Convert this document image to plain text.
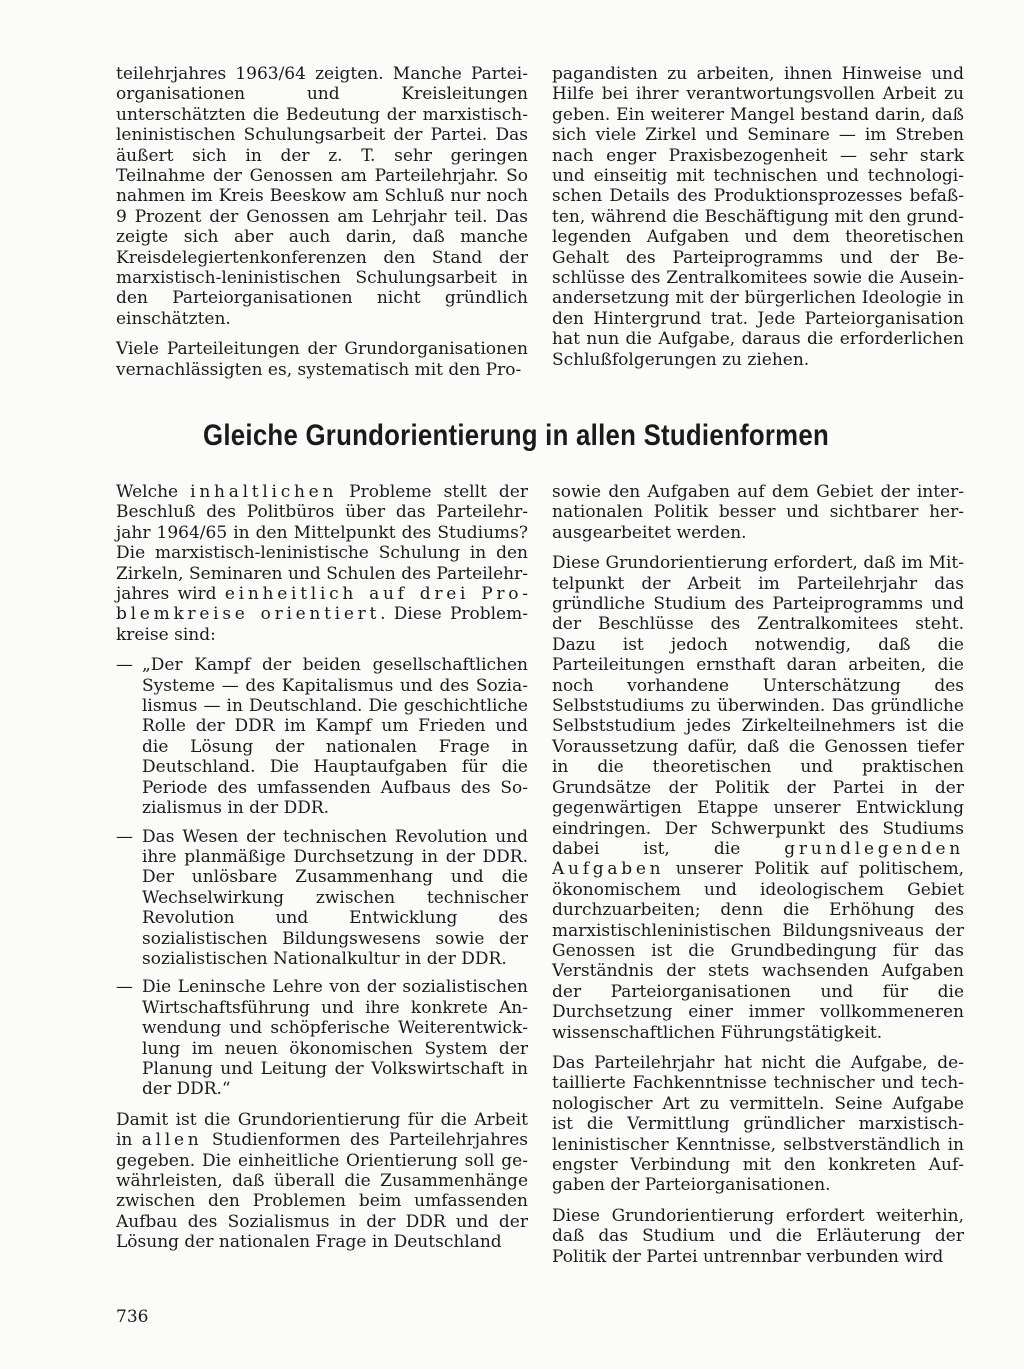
teilehrjahres 1963/64 zeigten. Manche Parteiorganisationen und Kreisleitungen unterschätzten die Bedeutung der marxistisch-leninistischen Schulungsarbeit der Partei. Das äußert sich in der z. T. sehr geringen Teilnahme der Genossen am Parteilehrjahr. So nahmen im Kreis Beeskow am Schluß nur noch 9 Prozent der Genossen am Lehrjahr teil. Das zeigte sich aber auch darin, daß manche Kreisdelegiertenkonferenzen den Stand der marxistisch-leninistischen Schulungsarbeit in den Parteiorganisationen nicht gründlich einschätzten.

Viele Parteileitungen der Grundorganisationen vernachlässigten es, systematisch mit den Pro-

pagandisten zu arbeiten, ihnen Hinweise und Hilfe bei ihrer verantwortungsvollen Arbeit zu geben. Ein weiterer Mangel bestand darin, daß sich viele Zirkel und Seminare — im Streben nach enger Praxisbezogenheit — sehr stark und einseitig mit technischen und technologischen Details des Produktionsprozesses befaßten, während die Beschäftigung mit den grundlegenden Aufgaben und dem theoretischen Gehalt des Parteiprogramms und der Beschlüsse des Zentralkomitees sowie die Auseinandersetzung mit der bürgerlichen Ideologie in den Hintergrund trat. Jede Parteiorganisation hat nun die Aufgabe, daraus die erforderlichen Schlußfolgerungen zu ziehen.

Gleiche Grundorientierung in allen Studienformen

Welche inhaltlichen Probleme stellt der Beschluß des Politbüros über das Parteilehrjahr 1964/65 in den Mittelpunkt des Studiums? Die marxistisch-leninistische Schulung in den Zirkeln, Seminaren und Schulen des Parteilehrjahres wird einheitlich auf drei Problemkreise orientiert. Diese Problemkreise sind:

— „Der Kampf der beiden gesellschaftlichen Systeme — des Kapitalismus und des Sozialismus — in Deutschland. Die geschichtliche Rolle der DDR im Kampf um Frieden und die Lösung der nationalen Frage in Deutschland. Die Hauptaufgaben für die Periode des umfassenden Aufbaus des Sozialismus in der DDR.
— Das Wesen der technischen Revolution und ihre planmäßige Durchsetzung in der DDR. Der unlösbare Zusammenhang und die Wechselwirkung zwischen technischer Revolution und Entwicklung des sozialistischen Bildungswesens sowie der sozialistischen Nationalkultur in der DDR.
— Die Leninsche Lehre von der sozialistischen Wirtschaftsführung und ihre konkrete Anwendung und schöpferische Weiterentwicklung im neuen ökonomischen System der Planung und Leitung der Volkswirtschaft in der DDR.“

Damit ist die Grundorientierung für die Arbeit in allen Studienformen des Parteilehrjahres gegeben. Die einheitliche Orientierung soll gewährleisten, daß überall die Zusammenhänge zwischen den Problemen beim umfassenden Aufbau des Sozialismus in der DDR und der Lösung der nationalen Frage in Deutschland

sowie den Aufgaben auf dem Gebiet der internationalen Politik besser und sichtbarer herausgearbeitet werden.

Diese Grundorientierung erfordert, daß im Mittelpunkt der Arbeit im Parteilehrjahr das gründliche Studium des Parteiprogramms und der Beschlüsse des Zentralkomitees steht. Dazu ist jedoch notwendig, daß die Parteileitungen ernsthaft daran arbeiten, die noch vorhandene Unterschätzung des Selbststudiums zu überwinden. Das gründliche Selbststudium jedes Zirkelteilnehmers ist die Voraussetzung dafür, daß die Genossen tiefer in die theoretischen und praktischen Grundsätze der Politik der Partei in der gegenwärtigen Etappe unserer Entwicklung eindringen. Der Schwerpunkt des Studiums dabei ist, die grundlegenden Aufgaben unserer Politik auf politischem, ökonomischem und ideologischem Gebiet durchzuarbeiten; denn die Erhöhung des marxistischleninistischen Bildungsniveaus der Genossen ist die Grundbedingung für das Verständnis der stets wachsenden Aufgaben der Parteiorganisationen und für die Durchsetzung einer immer vollkommeneren wissenschaftlichen Führungstätigkeit.

Das Parteilehrjahr hat nicht die Aufgabe, detaillierte Fachkenntnisse technischer und technologischer Art zu vermitteln. Seine Aufgabe ist die Vermittlung gründlicher marxistischleninistischer Kenntnisse, selbstverständlich in engster Verbindung mit den konkreten Aufgaben der Parteiorganisationen.

Diese Grundorientierung erfordert weiterhin, daß das Studium und die Erläuterung der Politik der Partei untrennbar verbunden wird

736
